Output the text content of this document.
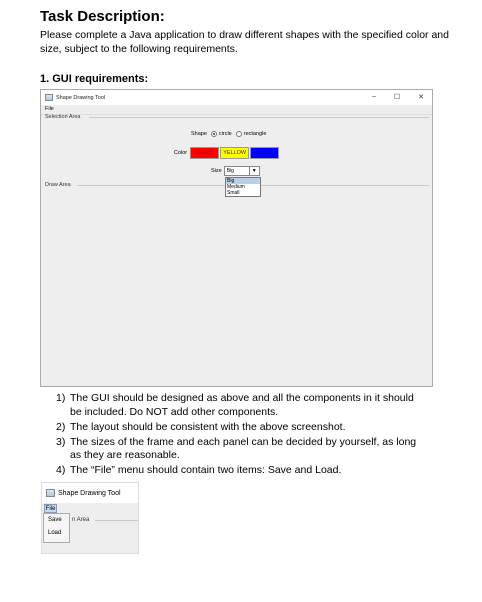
Task Description:
Please complete a Java application to draw different shapes with the specified color and size, subject to the following requirements.
1. GUI requirements:
Shape Drawing Tool	–	☐	✕
File
Selection Area
Shape circle rectangle
Color	RED	YELLOW	BLUE
Size	Big	▼
Draw Area
Big
Medium
Small
1) The GUI should be designed as above and all the components in it should be included. Do NOT add other components.
2) The layout should be consistent with the above screenshot.
3) The sizes of the frame and each panel can be decided by yourself, as long as they are reasonable.
4) The “File” menu should contain two items: Save and Load.
Shape Drawing Tool
n Area
File
Save
Load
